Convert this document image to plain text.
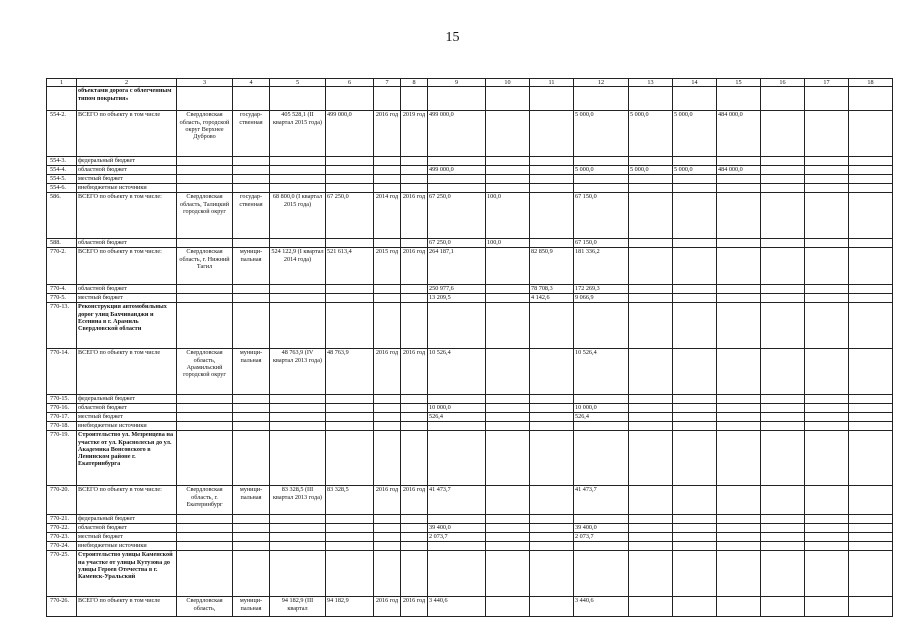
15
1	2	3	4	5	6	7	8	9	10	11	12	13	14	15	16	17	18
	объектами дорога с облегченным типом покрытия»																
554-2.	ВСЕГО по объекту в том числе	Свердловская область, городской округ Верхнее Дуброво	государ-ственная	405 528,1 (II квартал 2015 года)	499 000,0	2016 год	2019 год	499 000,0			5 000,0	5 000,0	5 000,0	484 000,0			
554-3.	федеральный бюджет																
554-4.	областной бюджет							499 000,0			5 000,0	5 000,0	5 000,0	484 000,0			
554-5.	местный бюджет																
554-6.	внебюджетные источники																
586.	ВСЕГО по объекту в том числе:	Свердловская область, Талицкий городской округ	государ-ственная	68 800,0 (I квартал 2015 года)	67 250,0	2014 год	2016 год	67 250,0	100,0		67 150,0						
588.	областной бюджет							67 250,0	100,0		67 150,0						
770-2.	ВСЕГО по объекту в том числе:	Свердловская область, г. Нижний Тагил	муници-пальная	524 122,9 (I квартал 2014 года)	521 613,4	2015 год	2016 год	264 187,1		82 850,9	181 336,2						
770-4.	областной бюджет							250 977,6		78 708,3	172 269,3						
770-5.	местный бюджет							13 209,5		4 142,6	9 066,9						
770-13.	Реконструкция автомобильных дорог улиц Бахчиванджи и Есенина в г. Арамиль Свердловской области																
770-14.	ВСЕГО по объекту в том числе	Свердловская область, Арамильский городской округ	муници-пальная	48 763,9 (IV квартал 2013 года)	48 763,9	2016 год	2016 год	10 526,4			10 526,4						
770-15.	федеральный бюджет																
770-16.	областной бюджет							10 000,0			10 000,0						
770-17.	местный бюджет							526,4			526,4						
770-18.	внебюджетные источники																
770-19.	Строительство ул. Мезренцева на участке от ул. Краснолесья до ул. Академика Вонсовского в Ленинском районе г. Екатеринбурга																
770-20.	ВСЕГО по объекту в том числе:	Свердловская область, г. Екатеринбург	муници-пальная	83 328,5 (III квартал 2013 года)	83 328,5	2016 год	2016 год	41 473,7			41 473,7						
770-21.	федеральный бюджет																
770-22.	областной бюджет							39 400,0			39 400,0						
770-23.	местный бюджет							2 073,7			2 073,7						
770-24.	внебюджетные источники																
770-25.	Строительство улицы Каменской на участке от улицы Кутузова до улицы Героев Отечества в г. Каменск-Уральский																
770-26.	ВСЕГО по объекту в том числе	Свердловская область,	муници-пальная	94 182,9 (III квартал	94 182,9	2016 год	2016 год	3 440,6			3 440,6						
